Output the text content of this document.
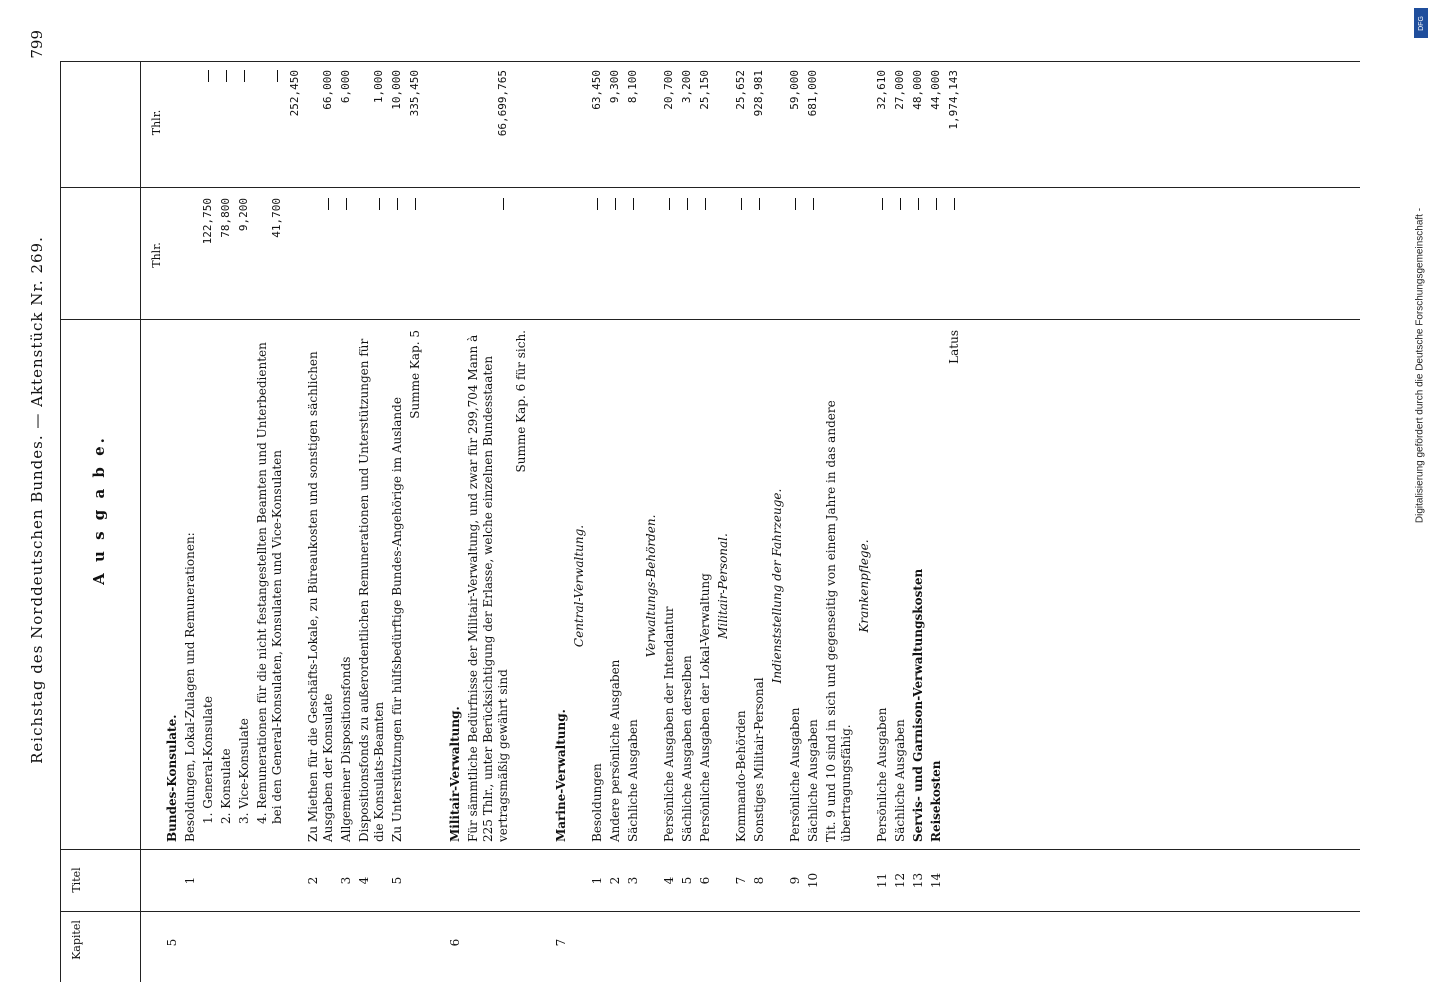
Reichstag des Norddeutschen Bundes. — Aktenstück Nr. 269.
799
Kapitel
Titel
A u s g a b e.
Thlr.
Thlr.
5
Bundes-Konsulate.
1
Besoldungen, Lokal-Zulagen und Remunerationen: 1. General-Konsulate
122,750
2. Konsulate
78,800
3. Vice-Konsulate
9,200
4. Remunerationen für die nicht festangestellten Beamten und Unterbedienten bei den General-Konsulaten, Konsulaten und Vice-Konsulaten
41,700
252,450
2
Zu Miethen für die Geschäfts-Lokale, zu Büreaukosten und sonstigen sächlichen Ausgaben der Konsulate
66,000
3
Allgemeiner Dispositionsfonds
6,000
4
Dispositionsfonds zu außerordentlichen Remunerationen und Unterstützungen für die Konsulats-Beamten
1,000
5
Zu Unterstützungen für hülfsbedürftige Bundes-Angehörige im Auslande
10,000
Summe Kap. 5
335,450
6
Militair-Verwaltung. Für sämmtliche Bedürfnisse der Militair-Verwaltung, und zwar für 299,704 Mann à 225 Thlr., unter Berücksichtigung der Erlasse, welche einzelnen Bundesstaaten vertragsmäßig gewährt sind
66,699,765
Summe Kap. 6 für sich.
7
Marine-Verwaltung.
Central-Verwaltung.
1
Besoldungen
63,450
2
Andere persönliche Ausgaben
9,300
3
Sächliche Ausgaben
8,100
Verwaltungs-Behörden.
4
Persönliche Ausgaben der Intendantur
20,700
5
Sächliche Ausgaben derselben
3,200
6
Persönliche Ausgaben der Lokal-Verwaltung
25,150
Militair-Personal.
7
Kommando-Behörden
25,652
8
Sonstiges Militair-Personal
928,981
Indienststellung der Fahrzeuge.
9
Persönliche Ausgaben
59,000
10
Sächliche Ausgaben
681,000
Tit. 9 und 10 sind in sich und gegenseitig von einem Jahre in das andere übertragungsfähig.
Krankenpflege.
11
Persönliche Ausgaben
32,610
12
Sächliche Ausgaben
27,000
13
Servis- und Garnison-Verwaltungskosten
48,000
14
Reisekosten
44,000
Latus
1,974,143
DFG
Digitalisierung gefördert durch die Deutsche Forschungsgemeinschaft -
